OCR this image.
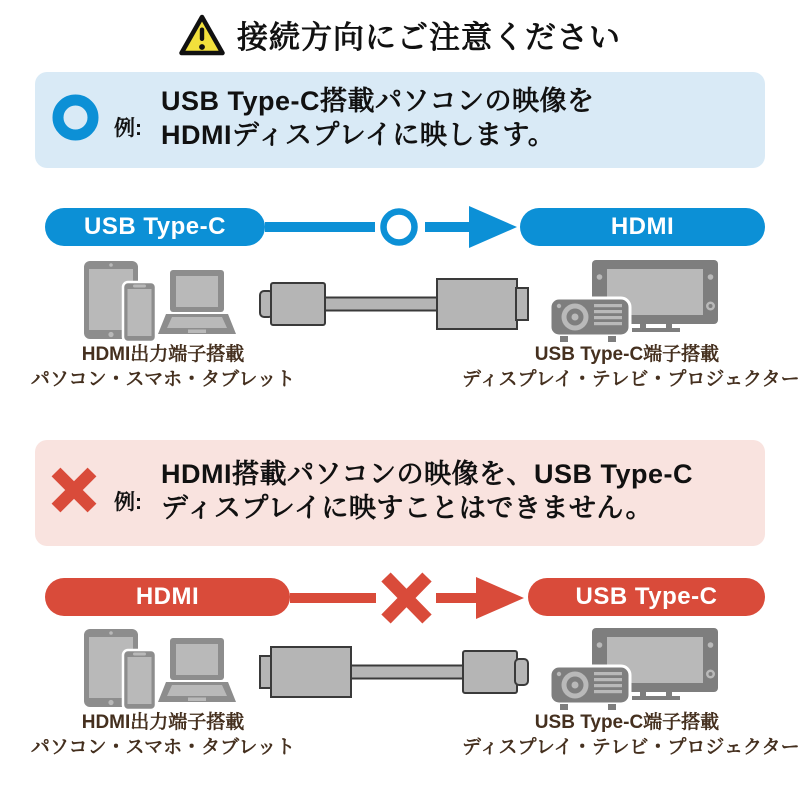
接続方向にご注意ください
例:
USB Type-C搭載パソコンの映像を
HDMIディスプレイに映します。
USB Type-C	HDMI
HDMI出力端子搭載
パソコン・スマホ・タブレット
USB Type-C端子搭載
ディスプレイ・テレビ・プロジェクター
例:
HDMI搭載パソコンの映像を、USB Type-C
ディスプレイに映すことはできません。
HDMI	USB Type-C
HDMI出力端子搭載
パソコン・スマホ・タブレット
USB Type-C端子搭載
ディスプレイ・テレビ・プロジェクター
